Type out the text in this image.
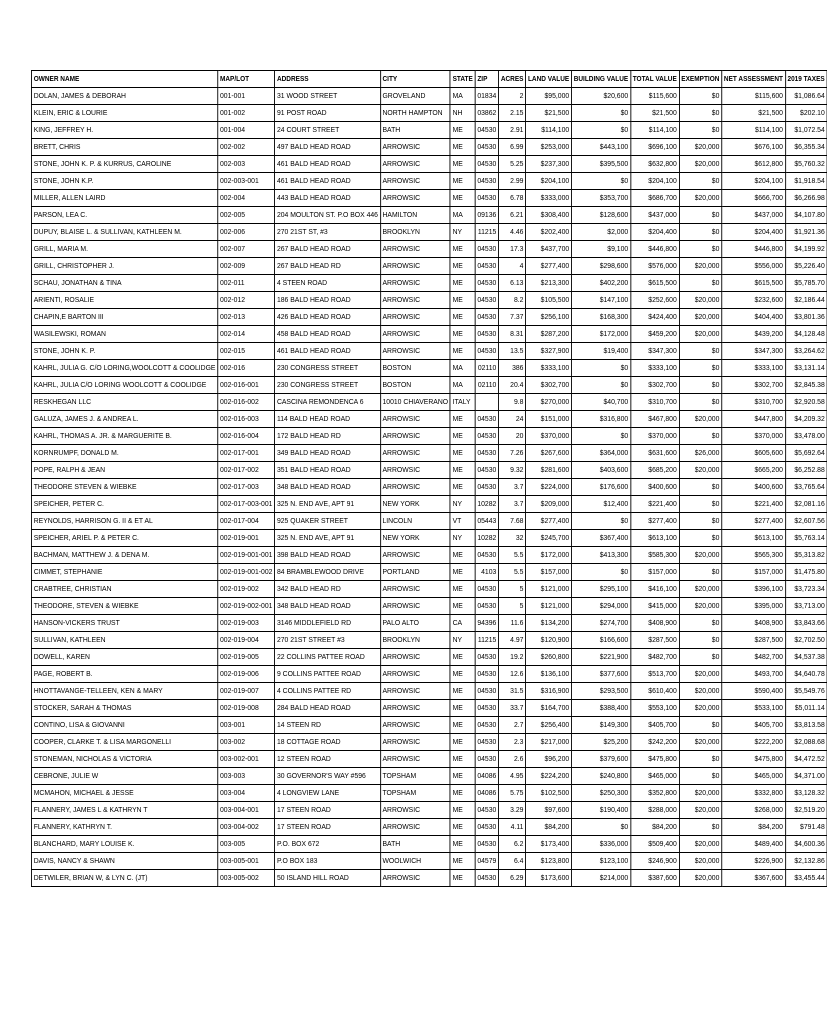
OWNER NAME	MAP/LOT	ADDRESS	CITY	STATE	ZIP	ACRES	LAND VALUE	BUILDING VALUE	TOTAL VALUE	EXEMPTION	NET ASSESSMENT	2019 TAXES
DOLAN, JAMES & DEBORAH	001-001	31 WOOD STREET	GROVELAND	MA	01834	2	$95,000	$20,600	$115,600	$0	$115,600	$1,086.64
KLEIN, ERIC & LOURIE	001-002	91 POST ROAD	NORTH HAMPTON	NH	03862	2.15	$21,500	$0	$21,500	$0	$21,500	$202.10
KING, JEFFREY H.	001-004	24 COURT STREET	BATH	ME	04530	2.91	$114,100	$0	$114,100	$0	$114,100	$1,072.54
BRETT, CHRIS	002-002	497 BALD HEAD ROAD	ARROWSIC	ME	04530	6.99	$253,000	$443,100	$696,100	$20,000	$676,100	$6,355.34
STONE, JOHN K. P. & KURRUS, CAROLINE	002-003	461 BALD HEAD ROAD	ARROWSIC	ME	04530	5.25	$237,300	$395,500	$632,800	$20,000	$612,800	$5,760.32
STONE, JOHN K.P.	002-003-001	461 BALD HEAD ROAD	ARROWSIC	ME	04530	2.99	$204,100	$0	$204,100	$0	$204,100	$1,918.54
MILLER, ALLEN LAIRD	002-004	443 BALD HEAD ROAD	ARROWSIC	ME	04530	6.78	$333,000	$353,700	$686,700	$20,000	$666,700	$6,266.98
PARSON, LEA C.	002-005	204 MOULTON ST. P.O BOX 446	HAMILTON	MA	09136	6.21	$308,400	$128,600	$437,000	$0	$437,000	$4,107.80
DUPUY, BLAISE L. & SULLIVAN, KATHLEEN M.	002-006	270 21ST ST, #3	BROOKLYN	NY	11215	4.46	$202,400	$2,000	$204,400	$0	$204,400	$1,921.36
GRILL, MARIA M.	002-007	267 BALD HEAD ROAD	ARROWSIC	ME	04530	17.3	$437,700	$9,100	$446,800	$0	$446,800	$4,199.92
GRILL, CHRISTOPHER J.	002-009	267 BALD HEAD RD	ARROWSIC	ME	04530	4	$277,400	$298,600	$576,000	$20,000	$556,000	$5,226.40
SCHAU, JONATHAN & TINA	002-011	4 STEEN ROAD	ARROWSIC	ME	04530	6.13	$213,300	$402,200	$615,500	$0	$615,500	$5,785.70
ARIENTI, ROSALIE	002-012	186 BALD HEAD ROAD	ARROWSIC	ME	04530	8.2	$105,500	$147,100	$252,600	$20,000	$232,600	$2,186.44
CHAPIN,E BARTON III	002-013	426 BALD HEAD ROAD	ARROWSIC	ME	04530	7.37	$256,100	$168,300	$424,400	$20,000	$404,400	$3,801.36
WASILEWSKI, ROMAN	002-014	458 BALD HEAD ROAD	ARROWSIC	ME	04530	8.31	$287,200	$172,000	$459,200	$20,000	$439,200	$4,128.48
STONE, JOHN K. P.	002-015	461 BALD HEAD ROAD	ARROWSIC	ME	04530	13.5	$327,900	$19,400	$347,300	$0	$347,300	$3,264.62
KAHRL, JULIA G. C/O LORING,WOOLCOTT & COOLIDGE	002-016	230 CONGRESS STREET	BOSTON	MA	02110	386	$333,100	$0	$333,100	$0	$333,100	$3,131.14
KAHRL, JULIA C/O LORING WOOLCOTT & COOLIDGE	002-016-001	230 CONGRESS STREET	BOSTON	MA	02110	20.4	$302,700	$0	$302,700	$0	$302,700	$2,845.38
RESKHEGAN LLC	002-016-002	CASCINA REMONDENCA 6	10010 CHIAVERANO	ITALY		9.8	$270,000	$40,700	$310,700	$0	$310,700	$2,920.58
GALUZA, JAMES J. & ANDREA L.	002-016-003	114 BALD HEAD ROAD	ARROWSIC	ME	04530	24	$151,000	$316,800	$467,800	$20,000	$447,800	$4,209.32
KAHRL, THOMAS A. JR. & MARGUERITE B.	002-016-004	172 BALD HEAD RD	ARROWSIC	ME	04530	20	$370,000	$0	$370,000	$0	$370,000	$3,478.00
KORNRUMPF, DONALD M.	002-017-001	349 BALD HEAD ROAD	ARROWSIC	ME	04530	7.26	$267,600	$364,000	$631,600	$26,000	$605,600	$5,692.64
POPE, RALPH & JEAN	002-017-002	351 BALD HEAD ROAD	ARROWSIC	ME	04530	9.32	$281,600	$403,600	$685,200	$20,000	$665,200	$6,252.88
THEODORE STEVEN & WIEBKE	002-017-003	348 BALD HEAD ROAD	ARROWSIC	ME	04530	3.7	$224,000	$176,600	$400,600	$0	$400,600	$3,765.64
SPEICHER, PETER C.	002-017-003-001	325 N. END AVE, APT 91	NEW YORK	NY	10282	3.7	$209,000	$12,400	$221,400	$0	$221,400	$2,081.16
REYNOLDS, HARRISON G. II & ET AL	002-017-004	925 QUAKER STREET	LINCOLN	VT	05443	7.68	$277,400	$0	$277,400	$0	$277,400	$2,607.56
SPEICHER, ARIEL P. & PETER C.	002-019-001	325 N. END AVE, APT 91	NEW YORK	NY	10282	32	$245,700	$367,400	$613,100	$0	$613,100	$5,763.14
BACHMAN, MATTHEW J. & DENA M.	002-019-001-001	398 BALD HEAD ROAD	ARROWSIC	ME	04530	5.5	$172,000	$413,300	$585,300	$20,000	$565,300	$5,313.82
CIMMET, STEPHANIE	002-019-001-002	84 BRAMBLEWOOD DRIVE	PORTLAND	ME	4103	5.5	$157,000	$0	$157,000	$0	$157,000	$1,475.80
CRABTREE, CHRISTIAN	002-019-002	342 BALD HEAD RD	ARROWSIC	ME	04530	5	$121,000	$295,100	$416,100	$20,000	$396,100	$3,723.34
THEODORE, STEVEN & WIEBKE	002-019-002-001	348 BALD HEAD ROAD	ARROWSIC	ME	04530	5	$121,000	$294,000	$415,000	$20,000	$395,000	$3,713.00
HANSON-VICKERS TRUST	002-019-003	3146 MIDDLEFIELD RD	PALO ALTO	CA	94396	11.6	$134,200	$274,700	$408,900	$0	$408,900	$3,843.66
SULLIVAN, KATHLEEN	002-019-004	270 21ST STREET #3	BROOKLYN	NY	11215	4.97	$120,900	$166,600	$287,500	$0	$287,500	$2,702.50
DOWELL, KAREN	002-019-005	22 COLLINS PATTEE ROAD	ARROWSIC	ME	04530	19.2	$260,800	$221,900	$482,700	$0	$482,700	$4,537.38
PAGE, ROBERT B.	002-019-006	9 COLLINS PATTEE ROAD	ARROWSIC	ME	04530	12.6	$136,100	$377,600	$513,700	$20,000	$493,700	$4,640.78
HNOTTAVANGE-TELLEEN, KEN & MARY	002-019-007	4 COLLINS PATTEE RD	ARROWSIC	ME	04530	31.5	$316,900	$293,500	$610,400	$20,000	$590,400	$5,549.76
STOCKER, SARAH & THOMAS	002-019-008	284 BALD HEAD ROAD	ARROWSIC	ME	04530	33.7	$164,700	$388,400	$553,100	$20,000	$533,100	$5,011.14
CONTINO, LISA & GIOVANNI	003-001	14 STEEN RD	ARROWSIC	ME	04530	2.7	$256,400	$149,300	$405,700	$0	$405,700	$3,813.58
COOPER, CLARKE T. & LISA MARGONELLI	003-002	18 COTTAGE ROAD	ARROWSIC	ME	04530	2.3	$217,000	$25,200	$242,200	$20,000	$222,200	$2,088.68
STONEMAN, NICHOLAS & VICTORIA	003-002-001	12 STEEN ROAD	ARROWSIC	ME	04530	2.6	$96,200	$379,600	$475,800	$0	$475,800	$4,472.52
CEBRONE, JULIE W	003-003	30 GOVERNOR'S WAY #596	TOPSHAM	ME	04086	4.95	$224,200	$240,800	$465,000	$0	$465,000	$4,371.00
MCMAHON, MICHAEL & JESSE	003-004	4 LONGVIEW LANE	TOPSHAM	ME	04086	5.75	$102,500	$250,300	$352,800	$20,000	$332,800	$3,128.32
FLANNERY, JAMES L & KATHRYN T	003-004-001	17 STEEN ROAD	ARROWSIC	ME	04530	3.29	$97,600	$190,400	$288,000	$20,000	$268,000	$2,519.20
FLANNERY, KATHRYN T.	003-004-002	17 STEEN ROAD	ARROWSIC	ME	04530	4.11	$84,200	$0	$84,200	$0	$84,200	$791.48
BLANCHARD, MARY LOUISE K.	003-005	P.O. BOX 672	BATH	ME	04530	6.2	$173,400	$336,000	$509,400	$20,000	$489,400	$4,600.36
DAVIS, NANCY & SHAWN	003-005-001	P.O BOX 183	WOOLWICH	ME	04579	6.4	$123,800	$123,100	$246,900	$20,000	$226,900	$2,132.86
DETWILER, BRIAN W, & LYN C. (JT)	003-005-002	50 ISLAND HILL ROAD	ARROWSIC	ME	04530	6.29	$173,600	$214,000	$387,600	$20,000	$367,600	$3,455.44
